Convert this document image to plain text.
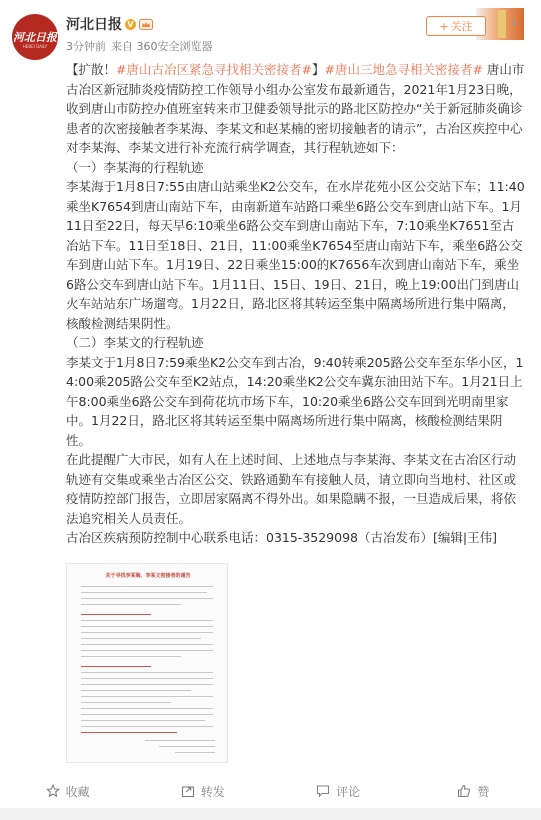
河北日报
HEBEI DAILY
河北日报 V
3分钟前 来自 360安全浏览器
+ 关注	∨

【扩散！#唐山古冶区紧急寻找相关密接者#】#唐山三地急寻相关密接者# 唐山市古冶区新冠肺炎疫情防控工作领导小组办公室发布最新通告，2021年1月23日晚，收到唐山市防控办值班室转来市卫健委领导批示的路北区防控办“关于新冠肺炎确诊患者的次密接触者李某海、李某文和赵某楠的密切接触者的请示”，古冶区疾控中心对李某海、李某文进行补充流行病学调查，其行程轨迹如下：

（一）李某海的行程轨迹

李某海于1月8日7:55由唐山站乘坐K2公交车，在水岸花苑小区公交站下车；11:40乘坐K7654到唐山南站下车，由南新道车站路口乘坐6路公交车到唐山站下车。1月11日至22日，每天早6:10乘坐6路公交车到唐山南站下车，7:10乘坐K7651至古冶站下车。11日至18日、21日，11:00乘坐K7654至唐山南站下车，乘坐6路公交车到唐山站下车。1月19日、22日乘坐15:00的K7656车次到唐山南站下车，乘坐6路公交车到唐山站下车。1月11日、15日、19日、21日，晚上19:00出门到唐山火车站站东广场遛弯。1月22日，路北区将其转运至集中隔离场所进行集中隔离，核酸检测结果阴性。

（二）李某文的行程轨迹

李某文于1月8日7:59乘坐K2公交车到古冶，9:40转乘205路公交车至东华小区，14:00乘205路公交车至K2站点，14:20乘坐K2公交车冀东油田站下车。1月21日上午8:00乘坐6路公交车到荷花坑市场下车，10:20乘坐6路公交车回到光明南里家中。1月22日，路北区将其转运至集中隔离场所进行集中隔离，核酸检测结果阴性。

在此提醒广大市民，如有人在上述时间、上述地点与李某海、李某文在古冶区行动轨迹有交集或乘坐古冶区公交、铁路通勤车有接触人员，请立即向当地村、社区或疫情防控部门报告，立即居家隔离不得外出。如果隐瞒不报，一旦造成后果，将依法追究相关人员责任。

古冶区疾病预防控制中心联系电话：0315-3529098（古冶发布）[编辑|王伟]

关于寻找李某海、李某文密接者的通告
收藏	转发	评论	赞
